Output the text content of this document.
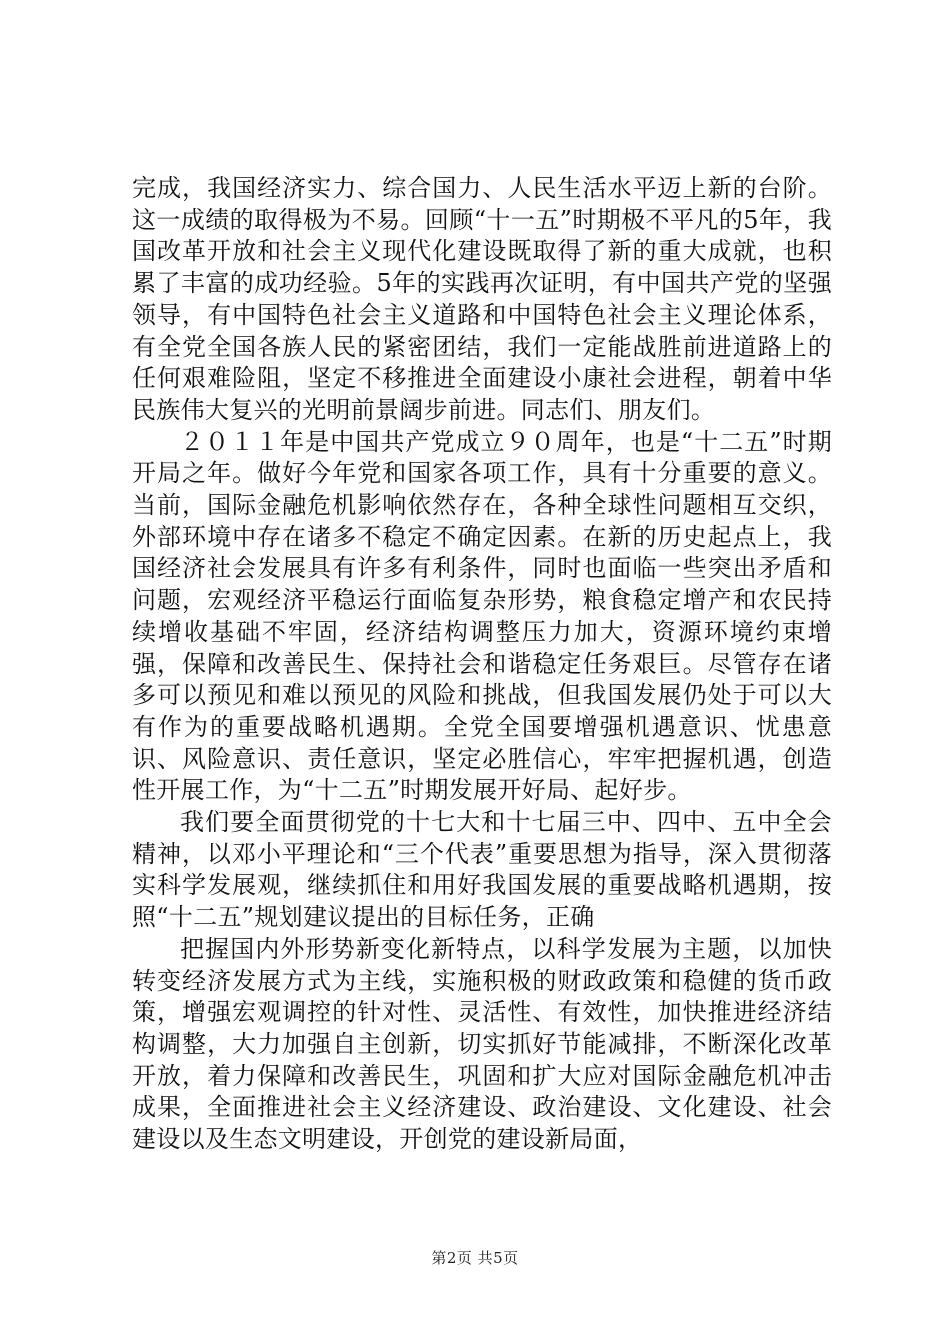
完成，我国经济实力、综合国力、人民生活水平迈上新的台阶。这一成绩的取得极为不易。回顾“十一五”时期极不平凡的5年，我国改革开放和社会主义现代化建设既取得了新的重大成就，也积累了丰富的成功经验。5年的实践再次证明，有中国共产党的坚强领导，有中国特色社会主义道路和中国特色社会主义理论体系，有全党全国各族人民的紧密团结，我们一定能战胜前进道路上的任何艰难险阻，坚定不移推进全面建设小康社会进程，朝着中华民族伟大复兴的光明前景阔步前进。同志们、朋友们。

２０１１年是中国共产党成立９０周年，也是“十二五”时期开局之年。做好今年党和国家各项工作，具有十分重要的意义。当前，国际金融危机影响依然存在，各种全球性问题相互交织，外部环境中存在诸多不稳定不确定因素。在新的历史起点上，我国经济社会发展具有许多有利条件，同时也面临一些突出矛盾和问题，宏观经济平稳运行面临复杂形势，粮食稳定增产和农民持续增收基础不牢固，经济结构调整压力加大，资源环境约束增强，保障和改善民生、保持社会和谐稳定任务艰巨。尽管存在诸多可以预见和难以预见的风险和挑战，但我国发展仍处于可以大有作为的重要战略机遇期。全党全国要增强机遇意识、忧患意识、风险意识、责任意识，坚定必胜信心，牢牢把握机遇，创造性开展工作，为“十二五”时期发展开好局、起好步。

我们要全面贯彻党的十七大和十七届三中、四中、五中全会精神，以邓小平理论和“三个代表”重要思想为指导，深入贯彻落实科学发展观，继续抓住和用好我国发展的重要战略机遇期，按照“十二五”规划建议提出的目标任务，正确

把握国内外形势新变化新特点，以科学发展为主题，以加快转变经济发展方式为主线，实施积极的财政政策和稳健的货币政策，增强宏观调控的针对性、灵活性、有效性，加快推进经济结构调整，大力加强自主创新，切实抓好节能减排，不断深化改革开放，着力保障和改善民生，巩固和扩大应对国际金融危机冲击成果，全面推进社会主义经济建设、政治建设、文化建设、社会建设以及生态文明建设，开创党的建设新局面，

第2页 共5页
